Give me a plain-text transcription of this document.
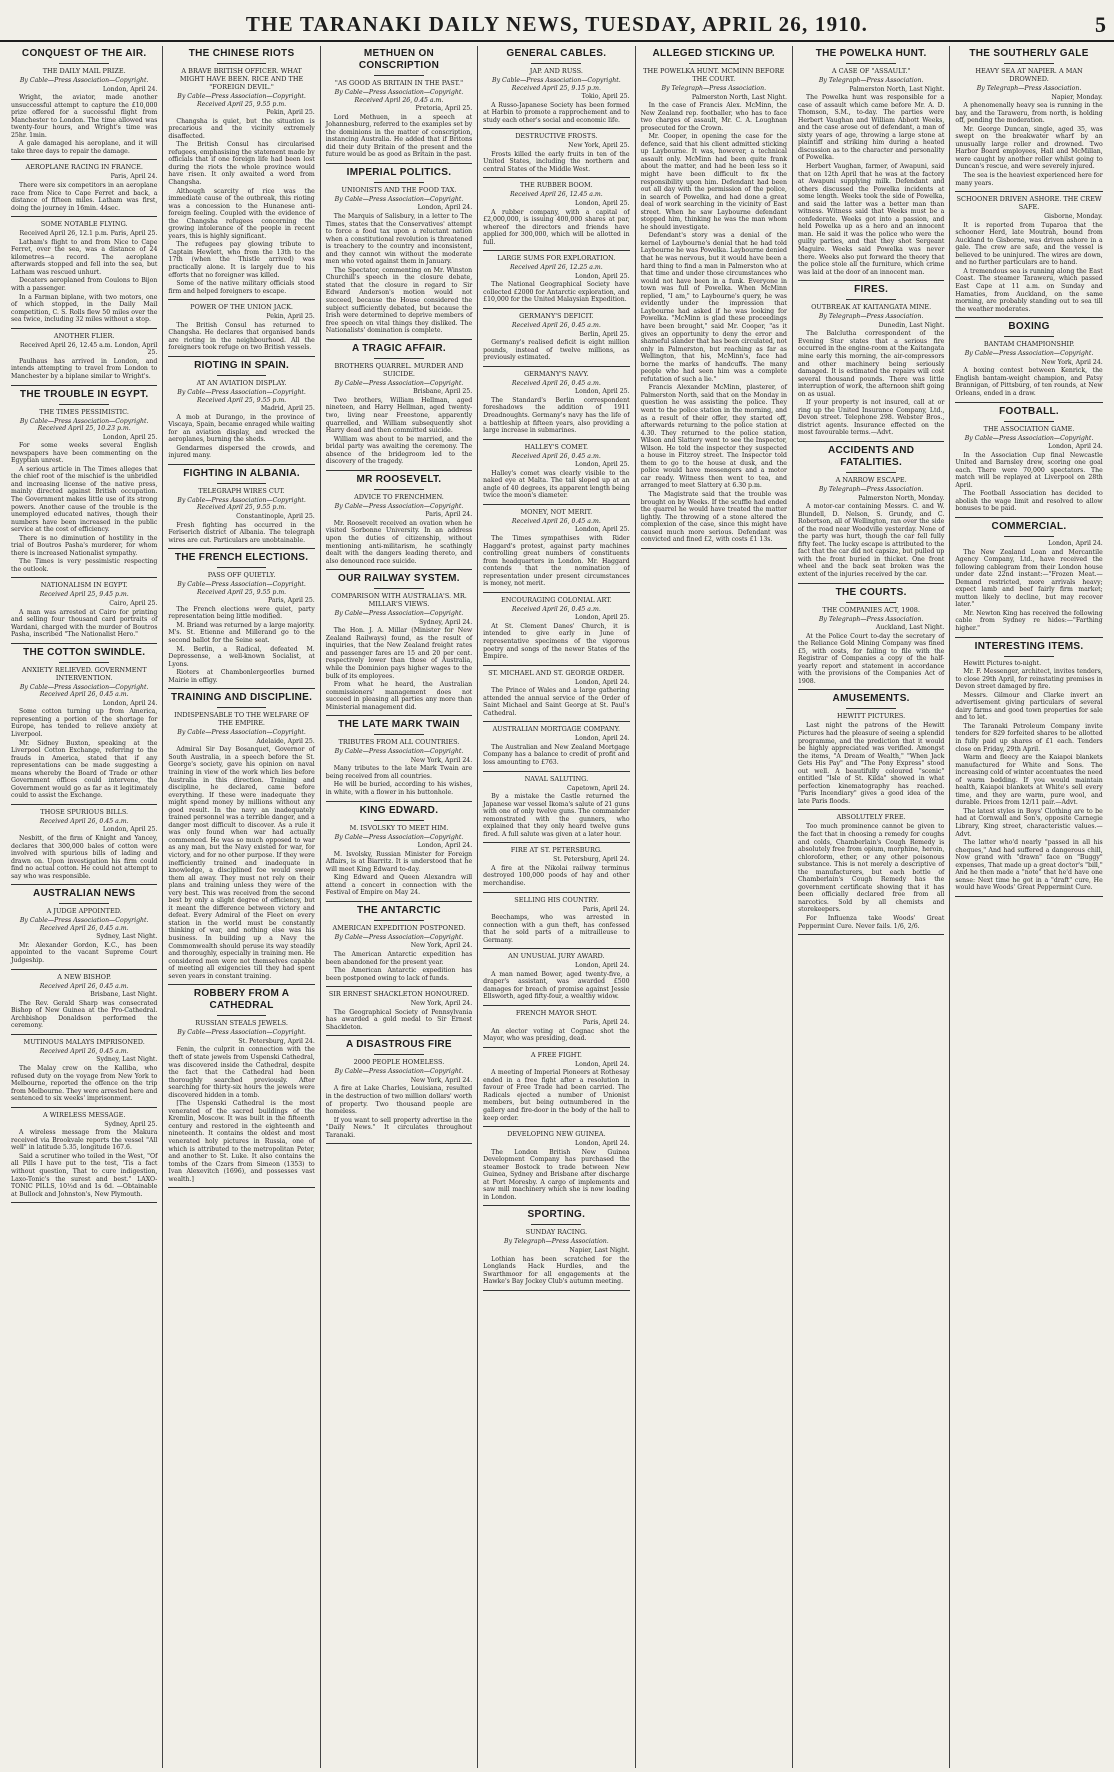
THE TARANAKI DAILY NEWS, TUESDAY, APRIL 26, 1910.	5
CONQUEST OF THE AIR.
THE DAILY MAIL PRIZE.
By Cable—Press Association—Copyright.
London, April 24.

Wright, the aviator, made another unsuccessful attempt to capture the £10,000 prize offered for a successful flight from Manchester to London. The time allowed was twenty-four hours, and Wright's time was 25hr. 1min.

A gale damaged his aeroplane, and it will take three days to repair the damage.

AEROPLANE RACING IN FRANCE.
Paris, April 24.

There were six competitors in an aeroplane race from Nice to Cape Ferret and back, a distance of fifteen miles. Latham was first, doing the journey in 16min. 44sec.

SOME NOTABLE FLYING.
Received April 26, 12.1 p.m. Paris, April 25.

Latham's flight to and from Nice to Cape Ferret, over the sea, was a distance of 24 kilometres—a record. The aeroplane afterwards stopped and fell into the sea, but Latham was rescued unhurt.

Decaters aeroplaned from Coulons to Bijon with a passenger.

In a Farman biplane, with two motors, one of which stopped, in the Daily Mail competition, C. S. Rolls flew 50 miles over the sea twice, including 32 miles without a stop.

ANOTHER FLIER.
Received April 26, 12.45 a.m. London, April 25.

Paulhaus has arrived in London, and intends attempting to travel from London to Manchester by a biplane similar to Wright's.

THE TROUBLE IN EGYPT.
THE TIMES PESSIMISTIC.
By Cable—Press Association—Copyright. Received April 25, 10.23 p.m.
London, April 25.

For some weeks several English newspapers have been commenting on the Egyptian unrest.

A serious article in The Times alleges that the chief root of the mischief is the unbridled and increasing license of the native press, mainly directed against British occupation. The Government makes little use of its strong powers. Another cause of the trouble is the unemployed educated natives, though their numbers have been increased in the public service at the cost of efficiency.

There is no diminution of hostility in the trial of Boutros Pasha's murderer, for whom there is increased Nationalist sympathy.

The Times is very pessimistic respecting the outlook.

NATIONALISM IN EGYPT.
Received April 25, 9.45 p.m.
Cairo, April 25.

A man was arrested at Cairo for printing and selling four thousand card portraits of Wardani, charged with the murder of Boutros Pasha, inscribed "The Nationalist Hero."

THE COTTON SWINDLE.
ANXIETY RELIEVED. GOVERNMENT INTERVENTION.
By Cable—Press Association—Copyright. Received April 26, 0.45 a.m.
London, April 24.

Some cotton turning up from America, representing a portion of the shortage for Europe, has tended to relieve anxiety at Liverpool.

Mr. Sidney Buxton, speaking at the Liverpool Cotton Exchange, referring to the frauds in America, stated that if any representations can be made suggesting a means whereby the Board of Trade or other Government offices could intervene, the Government would go as far as it legitimately could to assist the Exchange.

THOSE SPURIOUS BILLS.
Received April 26, 0.45 a.m.
London, April 25.

Nesbitt, of the firm of Knight and Yancey, declares that 300,000 bales of cotton were involved with spurious bills of lading and drawn on. Upon investigation his firm could find no actual cotton. He could not attempt to say who was responsible.

AUSTRALIAN NEWS
A JUDGE APPOINTED.
By Cable—Press Association—Copyright. Received April 26, 0.45 a.m.
Sydney, Last Night.

Mr. Alexander Gordon, K.C., has been appointed to the vacant Supreme Court Judgeship.

A NEW BISHOP.
Received April 26, 0.45 a.m.
Brisbane, Last Night.

The Rev. Gerald Sharp was consecrated Bishop of New Guinea at the Pro-Cathedral. Archbishop Donaldson performed the ceremony.

MUTINOUS MALAYS IMPRISONED.
Received April 26, 0.45 a.m.
Sydney, Last Night.

The Malay crew on the Kalliba, who refused duty on the voyage from New York to Melbourne, reported the offence on the trip from Melbourne. They were arrested here and sentenced to six weeks' imprisonment.

A WIRELESS MESSAGE.
Sydney, April 25.

A wireless message from the Makura received via Brookvale reports the vessel "All well" in latitude 5.35, longitude 167.6.

Said a scrutiner who toiled in the West, "Of all Pills I have put to the test, 'Tis a fact without question, That to cure indigestion, Laxo-Tonic's the surest and best." LAXO-TONIC PILLS, 10½d and 1s 6d. —Obtainable at Bullock and Johnston's, New Plymouth.

THE CHINESE RIOTS
A BRAVE BRITISH OFFICER. WHAT MIGHT HAVE BEEN. RICE AND THE "FOREIGN DEVIL."
By Cable—Press Association—Copyright. Received April 25, 9.55 p.m.
Pekin, April 25.

Changsha is quiet, but the situation is precarious and the vicinity extremely disaffected.

The British Consul has circularised refugees, emphasising the statement made by officials that if one foreign life had been lost during the riots the whole province would have risen. It only awaited a word from Changsha.

Although scarcity of rice was the immediate cause of the outbreak, this rioting was a concession to the Hunanese anti-foreign feeling. Coupled with the evidence of the Changsha refugees concerning the growing intolerance of the people in recent years, this is highly significant.

The refugees pay glowing tribute to Captain Hewlett, who from the 13th to the 17th (when the Thistle arrived) was practically alone. It is largely due to his efforts that no foreigner was killed.

Some of the native military officials stood firm and helped foreigners to escape.

POWER OF THE UNION JACK.
Pekin, April 25.

The British Consul has returned to Changsha. He declares that organised bands are rioting in the neighbourhood. All the foreigners took refuge on two British vessels.

RIOTING IN SPAIN.
AT AN AVIATION DISPLAY.
By Cable—Press Association—Copyright. Received April 25, 9.55 p.m.
Madrid, April 25.

A mob at Durango, in the province of Viscaya, Spain, became enraged while waiting for an aviation display, and wrecked the aeroplanes, burning the sheds.

Gendarmes dispersed the crowds, and injured many.

FIGHTING IN ALBANIA.
TELEGRAPH WIRES CUT.
By Cable—Press Association—Copyright. Received April 25, 9.55 p.m.
Constantinople, April 25.

Fresh fighting has occurred in the Feriserich district of Albania. The telegraph wires are cut. Particulars are unobtainable.

THE FRENCH ELECTIONS.
PASS OFF QUIETLY.
By Cable—Press Association—Copyright. Received April 25, 9.55 p.m.
Paris, April 25.

The French elections were quiet, party representation being little modified.

M. Briand was returned by a large majority. M's. St. Etienne and Millerand go to the second ballot for the Seine seat.

M. Berlin, a Radical, defeated M. Depressense, a well-known Socialist, at Lyons.

Rioters at Chambonlergeorlles burned Mairie in effigy.

TRAINING AND DISCIPLINE.
INDISPENSABLE TO THE WELFARE OF THE EMPIRE.
By Cable—Press Association—Copyright.
Adelaide, April 25.

Admiral Sir Day Bosanquet, Governor of South Australia, in a speech before the St. George's society, gave his opinion on naval training in view of the work which lies before Australia in this direction. Training and discipline, he declared, came before everything. If these were inadequate they might spend money by millions without any good result. In the navy an inadequately trained personnel was a terrible danger, and a danger most difficult to discover. As a rule it was only found when war had actually commenced. He was so much opposed to war as any man, but the Navy existed for war, for victory, and for no other purpose. If they were inefficiently trained and inadequate in knowledge, a disciplined foe would sweep them all away. They must not rely on their plans and training unless they were of the very best. This was received from the second best by only a slight degree of efficiency, but it meant the difference between victory and defeat. Every Admiral of the Fleet on every station in the world must be constantly thinking of war, and nothing else was his business. In building up a Navy the Commonwealth should peruse its way steadily and thoroughly, especially in training men. He considered men were not themselves capable of meeting all exigencies till they had spent seven years in constant training.

ROBBERY FROM A CATHEDRAL
RUSSIAN STEALS JEWELS.
By Cable—Press Association—Copyright.
St. Petersburg, April 24.

Fenin, the culprit in connection with the theft of state jewels from Uspenski Cathedral, was discovered inside the Cathedral, despite the fact that the Cathedral had been thoroughly searched previously. After searching for thirty-six hours the jewels were discovered hidden in a tomb.

[The Uspenski Cathedral is the most venerated of the sacred buildings of the Kremlin, Moscow. It was built in the fifteenth century and restored in the eighteenth and nineteenth. It contains the oldest and most venerated holy pictures in Russia, one of which is attributed to the metropolitan Peter, and another to St. Luke. It also contains the tombs of the Czars from Simeon (1353) to Ivan Alexevitch (1696), and possesses vast wealth.]

METHUEN ON CONSCRIPTION
"AS GOOD AS BRITAIN IN THE PAST."
By Cable—Press Association—Copyright. Received April 26, 0.45 a.m.
Pretoria, April 25.

Lord Methuen, in a speech at Johannesburg, referred to the examples set by the dominions in the matter of conscription, instancing Australia. He added that if Britons did their duty Britain of the present and the future would be as good as Britain in the past.

IMPERIAL POLITICS.
UNIONISTS AND THE FOOD TAX.
By Cable—Press Association—Copyright.
London, April 24.

The Marquis of Salisbury, in a letter to The Times, states that the Conservatives' attempt to force a food tax upon a reluctant nation when a constitutional revolution is threatened is treachery to the country and inconsistent, and they cannot win without the moderate men who voted against them in January.

The Spectator, commenting on Mr. Winston Churchill's speech in the closure debate, stated that the closure in regard to Sir Edward Anderson's motion would not succeed, because the House considered the subject sufficiently debated, but because the Irish were determined to deprive members of free speech on vital things they disliked. The Nationalists' domination is complete.

A TRAGIC AFFAIR.
BROTHERS QUARREL. MURDER AND SUICIDE.
By Cable—Press Association—Copyright.
Brisbane, April 25.

Two brothers, William Hellman, aged nineteen, and Harry Hellman, aged twenty-two, living near Freestone, apparently quarrelled, and William subsequently shot Harry dead and then committed suicide.

William was about to be married, and the bridal party was awaiting the ceremony. The absence of the bridegroom led to the discovery of the tragedy.

MR ROOSEVELT.
ADVICE TO FRENCHMEN.
By Cable—Press Association—Copyright.
Paris, April 24.

Mr. Roosevelt received an ovation when he visited Sorbonne University. In an address upon the duties of citizenship, without mentioning anti-militarism, he scathingly dealt with the dangers leading thereto, and also denounced race suicide.

OUR RAILWAY SYSTEM.
COMPARISON WITH AUSTRALIA'S. MR. MILLAR'S VIEWS.
By Cable—Press Association—Copyright.
Sydney, April 24.

The Hon. J. A. Millar (Minister for New Zealand Railways) found, as the result of inquiries, that the New Zealand freight rates and passenger fares are 15 and 20 per cent. respectively lower than those of Australia, while the Dominion pays higher wages to the bulk of its employees.

From what he heard, the Australian commissioners' management does not succeed in pleasing all parties any more than Ministerial management did.

THE LATE MARK TWAIN
TRIBUTES FROM ALL COUNTRIES.
By Cable—Press Association—Copyright.
New York, April 24.

Many tributes to the late Mark Twain are being received from all countries.

He will be buried, according to his wishes, in white, with a flower in his buttonhole.

KING EDWARD.
M. ISVOLSKY TO MEET HIM.
By Cable—Press Association—Copyright.
London, April 24.

M. Isvolsky, Russian Minister for Foreign Affairs, is at Biarritz. It is understood that he will meet King Edward to-day.

King Edward and Queen Alexandra will attend a concert in connection with the Festival of Empire on May 24.

THE ANTARCTIC
AMERICAN EXPEDITION POSTPONED.
By Cable—Press Association—Copyright.
New York, April 24.

The American Antarctic expedition has been abandoned for the present year.

The American Antarctic expedition has been postponed owing to lack of funds.

SIR ERNEST SHACKLETON HONOURED.
New York, April 24.

The Geographical Society of Pennsylvania has awarded a gold medal to Sir Ernest Shackleton.

A DISASTROUS FIRE
2000 PEOPLE HOMELESS.
By Cable—Press Association—Copyright.
New York, April 24.

A fire at Lake Charles, Louisiana, resulted in the destruction of two million dollars' worth of property. Two thousand people are homeless.

If you want to sell property advertise in the "Daily News." It circulates throughout Taranaki.

GENERAL CABLES.
JAP. AND RUSS.
By Cable—Press Association—Copyright. Received April 25, 9.15 p.m.
Tokio, April 25.

A Russo-Japanese Society has been formed at Harbin to promote a rapprochement and to study each other's social and economic life.

DESTRUCTIVE FROSTS.
New York, April 25.

Frosts killed the early fruits in ten of the United States, including the northern and central States of the Middle West.

THE RUBBER BOOM.
Received April 26, 12.45 a.m.
London, April 25.

A rubber company, with a capital of £2,000,000, is issuing 400,000 shares at par, whereof the directors and friends have applied for 300,000, which will be allotted in full.

LARGE SUMS FOR EXPLORATION.
Received April 26, 12.25 a.m.
London, April 25.

The National Geographical Society have collected £2000 for Antarctic exploration, and £10,000 for the United Malaysian Expedition.

GERMANY'S DEFICIT.
Received April 26, 0.45 a.m.
Berlin, April 25.

Germany's realised deficit is eight million pounds, instead of twelve millions, as previously estimated.

GERMANY'S NAVY.
Received April 26, 0.45 a.m.
London, April 25.

The Standard's Berlin correspondent foreshadows the addition of 1911 Dreadnoughts. Germany's navy has the life of a battleship at fifteen years, also providing a large increase in submarines.

HALLEY'S COMET.
Received April 26, 0.45 a.m.
London, April 25.

Halley's comet was clearly visible to the naked eye at Malta. The tail sloped up at an angle of 40 degrees, its apparent length being twice the moon's diameter.

MONEY, NOT MERIT.
Received April 26, 0.45 a.m.
London, April 25.

The Times sympathises with Rider Haggard's protest, against party machines controlling great numbers of constituents from headquarters in London. Mr. Haggard contends that the nomination of representation under present circumstances is money, not merit.

ENCOURAGING COLONIAL ART.
Received April 26, 0.45 a.m.
London, April 25.

At St. Clement Danes' Church, it is intended to give early in June of representative specimens of the vigorous poetry and songs of the newer States of the Empire.

ST. MICHAEL AND ST. GEORGE ORDER.
London, April 24.

The Prince of Wales and a large gathering attended the annual service of the Order of Saint Michael and Saint George at St. Paul's Cathedral.

AUSTRALIAN MORTGAGE COMPANY.
London, April 24.

The Australian and New Zealand Mortgage Company has a balance to credit of profit and loss amounting to £763.

NAVAL SALUTING.
Capetown, April 24.

By a mistake the Castle returned the Japanese war vessel Ikoma's salute of 21 guns with one of only twelve guns. The commander remonstrated with the gunners, who explained that they only heard twelve guns fired. A full salute was given at a later hour.

FIRE AT ST. PETERSBURG.
St. Petersburg, April 24.

A fire at the Nikolai railway terminus destroyed 100,000 poods of hay and other merchandise.

SELLING HIS COUNTRY.
Paris, April 24.

Beechamps, who was arrested in connection with a gun theft, has confessed that he sold parts of a mitrailleuse to Germany.

AN UNUSUAL JURY AWARD.
London, April 24.

A man named Bower, aged twenty-five, a draper's assistant, was awarded £500 damages for breach of promise against Jessie Ellsworth, aged fifty-four, a wealthy widow.

FRENCH MAYOR SHOT.
Paris, April 24.

An elector voting at Cognac shot the Mayor, who was presiding, dead.

A FREE FIGHT.
London, April 24.

A meeting of Imperial Pioneers at Rothesay ended in a free fight after a resolution in favour of Free Trade had been carried. The Radicals ejected a number of Unionist members, but being outnumbered in the gallery and fire-door in the body of the hall to keep order.

DEVELOPING NEW GUINEA.
London, April 24.

The London British New Guinea Development Company has purchased the steamer Bostock to trade between New Guinea, Sydney and Brisbane after discharge at Port Moresby. A cargo of implements and saw mill machinery which she is now loading in London.

SPORTING.
SUNDAY RACING.
By Telegraph—Press Association.
Napier, Last Night.

Lothian has been scratched for the Longlands Hack Hurdles, and the Swarthmoor for all engagements at the Hawke's Bay Jockey Club's autumn meeting.

ALLEGED STICKING UP.
THE POWELKA HUNT. MCMINN BEFORE THE COURT.
By Telegraph—Press Association.
Palmerston North, Last Night.

In the case of Francis Alex. McMinn, the New Zealand rep. footballer, who has to face two charges of assault, Mr. C. A. Loughnan prosecuted for the Crown.

Mr. Cooper, in opening the case for the defence, said that his client admitted sticking up Laybourne. It was, however, a technical assault only. McMinn had been quite frank about the matter, and had he been less so it might have been difficult to fix the responsibility upon him. Defendant had been out all day with the permission of the police, in search of Powelka, and had done a great deal of work searching in the vicinity of East street. When he saw Laybourne defendant stopped him, thinking he was the man whom he should investigate.

Defendant's story was a denial of the kernel of Laybourne's denial that he had told Laybourne he was Powelka. Laybourne denied that he was nervous, but it would have been a hard thing to find a man in Palmerston who at that time and under those circumstances who would not have been in a funk. Everyone in town was full of Powelka. When McMinn replied, "I am," to Laybourne's query, he was evidently under the impression that Laybourne had asked if he was looking for Powelka. "McMinn is glad these proceedings have been brought," said Mr. Cooper, "as it gives an opportunity to deny the error and shameful slander that has been circulated, not only in Palmerston, but reaching as far as Wellington, that his, McMinn's, face had borne the marks of handcuffs. The many people who had seen him was a complete refutation of such a lie."

Francis Alexander McMinn, plasterer, of Palmerston North, said that on the Monday in question he was assisting the police. They went to the police station in the morning, and as a result of their offer, they started off, afterwards returning to the police station at 4.30. They returned to the police station, Wilson and Slattery went to see the Inspector, Wilson. He told the inspector they suspected a house in Fitzroy street. The Inspector told them to go to the house at dusk, and the police would have messengers and a motor car ready. Witness then went to tea, and arranged to meet Slattery at 6.30 p.m.

The Magistrate said that the trouble was brought on by Weeks. If the scuffle had ended the quarrel he would have treated the matter lightly. The throwing of a stone altered the complexion of the case, since this might have caused much more serious. Defendant was convicted and fined £2, with costs £1 13s.

THE POWELKA HUNT.
A CASE OF "ASSAULT."
By Telegraph—Press Association.
Palmerston North, Last Night.

The Powelka hunt was responsible for a case of assault which came before Mr. A. D. Thomson, S.M., to-day. The parties were Herbert Vaughan and William Abbott Weeks, and the case arose out of defendant, a man of sixty years of age, throwing a large stone at plaintiff and striking him during a heated discussion as to the character and personality of Powelka.

Herbert Vaughan, farmer, of Awapuni, said that on 12th April that he was at the factory at Awapuni supplying milk. Defendant and others discussed the Powelka incidents at some length. Weeks took the side of Powelka, and said the latter was a better man than witness. Witness said that Weeks must be a confederate. Weeks got into a passion, and held Powelka up as a hero and an innocent man. He said it was the police who were the guilty parties, and that they shot Sergeant Maguire. Weeks said Powelka was never there. Weeks also put forward the theory that the police stole all the furniture, which crime was laid at the door of an innocent man.

FIRES.
OUTBREAK AT KAITANGATA MINE.
By Telegraph—Press Association.
Dunedin, Last Night.

The Balclutha correspondent of the Evening Star states that a serious fire occurred in the engine-room at the Kaitangata mine early this morning, the air-compressors and other machinery being seriously damaged. It is estimated the repairs will cost several thousand pounds. There was little interruption of work, the afternoon shift going on as usual.

If your property is not insured, call at or ring up the United Insurance Company, Ltd., Devon street. Telephone 298. Webster Bros., district agents. Insurance effected on the most favourable terms.—Advt.

ACCIDENTS AND FATALITIES.
A NARROW ESCAPE.
By Telegraph—Press Association.
Palmerston North, Monday.

A motor-car containing Messrs. C. and W. Blundell, D. Nelson, S. Grundy, and C. Robertson, all of Wellington, ran over the side of the road near Woodville yesterday. None of the party was hurt, though the car fell fully fifty feet. The lucky escape is attributed to the fact that the car did not capsize, but pulled up with the front buried in thicket. One front wheel and the back seat broken was the extent of the injuries received by the car.

THE COURTS.
THE COMPANIES ACT, 1908.
By Telegraph—Press Association.
Auckland, Last Night.

At the Police Court to-day the secretary of the Reliance Gold Mining Company was fined £5, with costs, for failing to file with the Registrar of Companies a copy of the half-yearly report and statement in accordance with the provisions of the Companies Act of 1908.

AMUSEMENTS.
HEWITT PICTURES.

Last night the patrons of the Hewitt Pictures had the pleasure of seeing a splendid programme, and the prediction that it would be highly appreciated was verified. Amongst the items, "A Dream of Wealth," "When Jack Gets His Pay" and "The Pony Express" stood out well. A beautifully coloured "scenic" entitled "Isle of St. Kilda" showed in what perfection kinematography has reached. "Paris Incendiary" gives a good idea of the late Paris floods.

ABSOLUTELY FREE.

Too much prominence cannot be given to the fact that in choosing a remedy for coughs and colds, Chamberlain's Cough Remedy is absolutely free from opium, morphine, heroin, chloroform, ether, or any other poisonous substance. This is not merely a descriptive of the manufacturers, but each bottle of Chamberlain's Cough Remedy has the government certificate showing that it has been officially declared free from all narcotics. Sold by all chemists and storekeepers.

For Influenza take Woods' Great Peppermint Cure. Never fails. 1/6, 2/6.

THE SOUTHERLY GALE
HEAVY SEA AT NAPIER. A MAN DROWNED.
By Telegraph—Press Association.
Napier, Monday.

A phenomenally heavy sea is running in the bay, and the Taraweru, from north, is holding off, pending the moderation.

Mr. George Duncan, single, aged 35, was swept on the breakwater wharf by an unusually large roller and drowned. Two Harbor Board employees, Hall and McMillan, were caught by another roller whilst going to Duncan's rescue, and were severely injured.

The sea is the heaviest experienced here for many years.

SCHOONER DRIVEN ASHORE. THE CREW SAFE.
Gisborne, Monday.

It is reported from Tuparoa that the schooner Herd, late Moutrah, bound from Auckland to Gisborne, was driven ashore in a gale. The crew are safe, and the vessel is believed to be uninjured. The wires are down, and no further particulars are to hand.

A tremendous sea is running along the East Coast. The steamer Taraweru, which passed East Cape at 11 a.m. on Sunday and Hamaties, from Auckland, on the same morning, are probably standing out to sea till the weather moderates.

BOXING
BANTAM CHAMPIONSHIP.
By Cable—Press Association—Copyright.
New York, April 24.

A boxing contest between Kenrick, the English bantam-weight champion, and Patsy Brannigan, of Pittsburg, of ten rounds, at New Orleans, ended in a draw.

FOOTBALL.
THE ASSOCIATION GAME.
By Cable—Press Association—Copyright.
London, April 24.

In the Association Cup final Newcastle United and Barnsley drew, scoring one goal each. There were 70,000 spectators. The match will be replayed at Liverpool on 28th April.

The Football Association has decided to abolish the wage limit and resolved to allow bonuses to be paid.

COMMERCIAL.
London, April 24.

The New Zealand Loan and Mercantile Agency Company, Ltd., have received the following cablegram from their London house under date 22nd instant:—"Frozen Meat.—Demand restricted, more arrivals heavy; expect lamb and beef fairly firm market; mutton likely to decline, but may recover later."

Mr. Newton King has received the following cable from Sydney re hides:—"Farthing higher."

INTERESTING ITEMS.

Hewitt Pictures to-night.

Mr. F. Messenger, architect, invites tenders, to close 29th April, for reinstating premises in Devon street damaged by fire.

Messrs. Gilmour and Clarke invert an advertisement giving particulars of several dairy farms and good town properties for sale and to let.

The Taranaki Petroleum Company invite tenders for 829 forfeited shares to be allotted in fully paid up shares of £1 each. Tenders close on Friday, 29th April.

Warm and fleecy are the Kaiapoi blankets manufactured for White and Sons. The increasing cold of winter accentuates the need of warm bedding. If you would maintain health, Kaiapoi blankets at White's sell every time, and they are warm, pure wool, and durable. Prices from 12/11 pair.—Advt.

The latest styles in Boys' Clothing are to be had at Cornwall and Son's, opposite Carnegie Library, King street, characteristic values.—Advt.

The latter who'd nearly "passed in all his cheques," And had suffered a dangerous chill, Now grand with "drawn" face on "Buggy" expenses, That made up a great doctor's "bill," And he then made a "note" that he'd have one sense: Next time he got in a "draft" cure, He would have Woods' Great Peppermint Cure.
